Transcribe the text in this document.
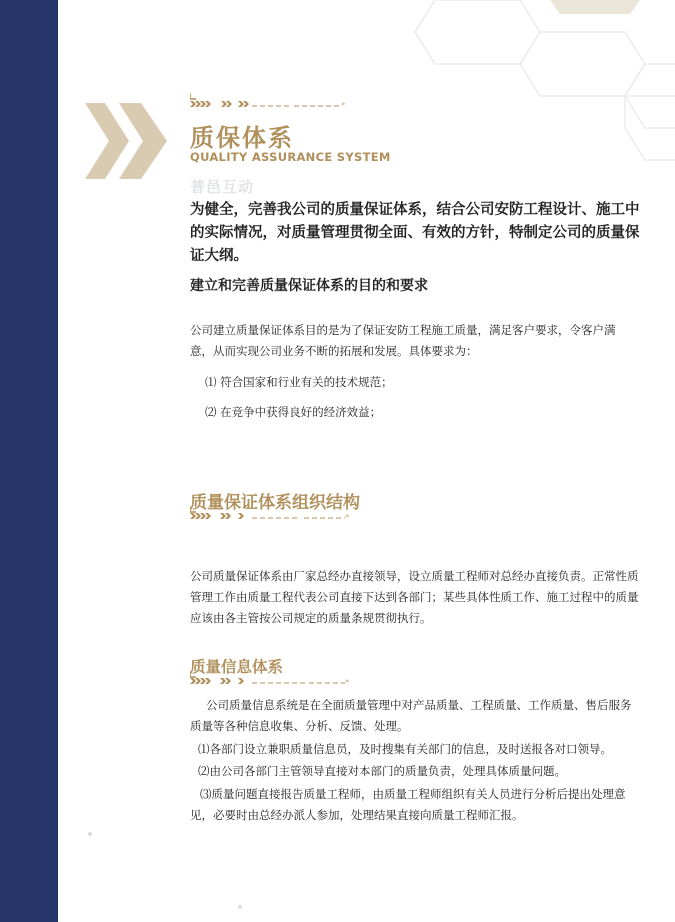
»
质保体系
QUALITY ASSURANCE SYSTEM
普邑互动

为健全，完善我公司的质量保证体系，结合公司安防工程设计、施工中的实际情况，对质量管理贯彻全面、有效的方针，特制定公司的质量保证大纲。

建立和完善质量保证体系的目的和要求

公司建立质量保证体系目的是为了保证安防工程施工质量，满足客户要求，令客户满意，从而实现公司业务不断的拓展和发展。具体要求为：

⑴ 符合国家和行业有关的技术规范；
⑵ 在竞争中获得良好的经济效益；
质量保证体系组织结构
»

公司质量保证体系由厂家总经办直接领导，设立质量工程师对总经办直接负责。正常性质管理工作由质量工程代表公司直接下达到各部门；某些具体性质工作、施工过程中的质量应该由各主管按公司规定的质量条规贯彻执行。

质量信息体系
»

公司质量信息系统是在全面质量管理中对产品质量、工程质量、工作质量、售后服务质量等各种信息收集、分析、反馈、处理。

⑴各部门设立兼职质量信息员，及时搜集有关部门的信息，及时送报各对口领导。
⑵由公司各部门主管领导直接对本部门的质量负责，处理具体质量问题。

⑶质量问题直接报告质量工程师，由质量工程师组织有关人员进行分析后提出处理意见，必要时由总经办派人参加，处理结果直接向质量工程师汇报。
